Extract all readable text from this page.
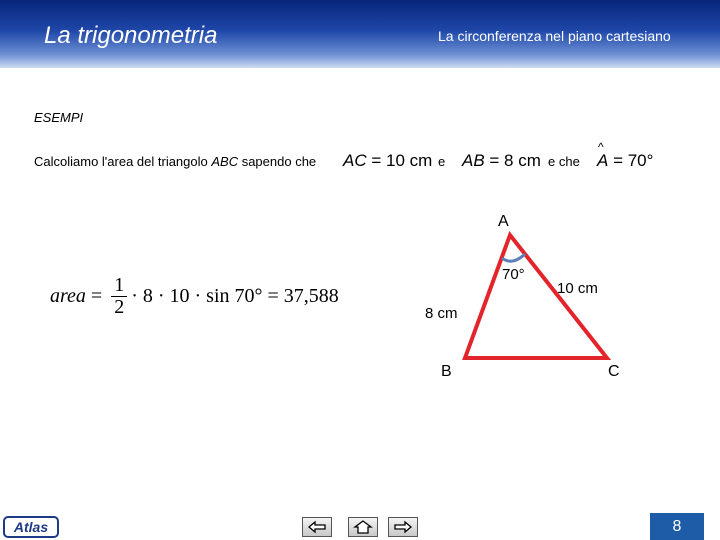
La trigonometria	La circonferenza nel piano cartesiano
ESEMPI
Calcoliamo l'area del triangolo ABC sapendo che AC = 10 cm e AB = 8 cm e che
^ A = 70°
area = $\frac{1}{2} \cdot 8 \cdot 10 \cdot \sin 70^\circ = 37,588$
A
B	C
70°
10 cm
8 cm
Atlas	8
